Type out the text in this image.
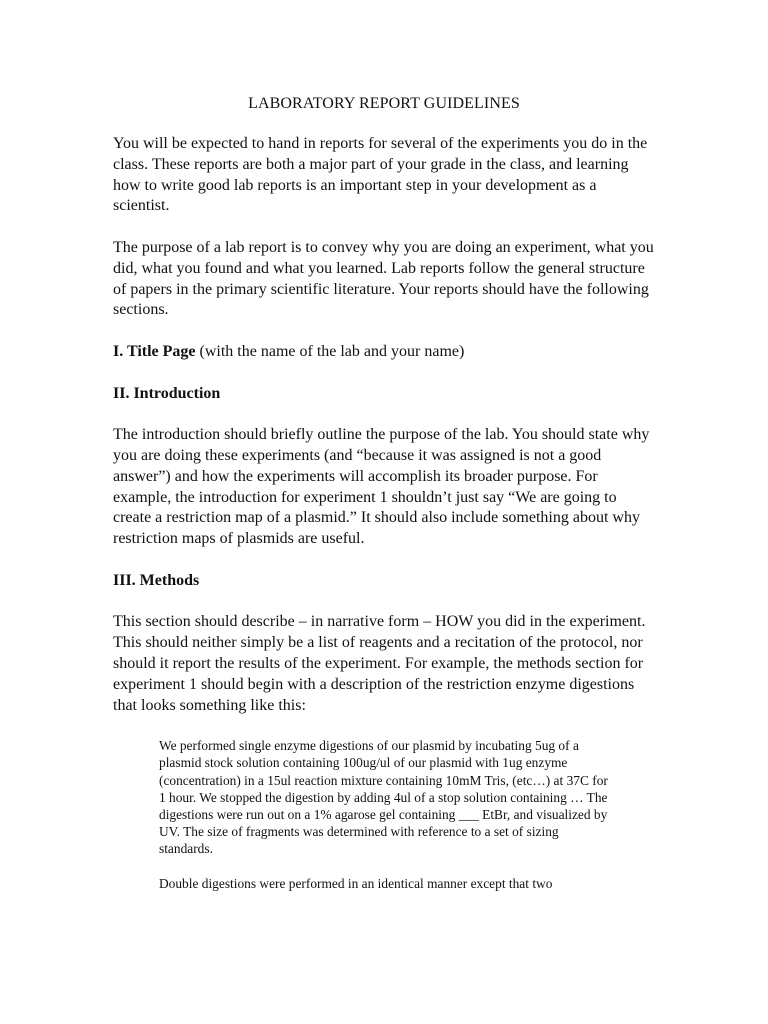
LABORATORY REPORT GUIDELINES

You will be expected to hand in reports for several of the experiments you do in the class. These reports are both a major part of your grade in the class, and learning how to write good lab reports is an important step in your development as a scientist.

The purpose of a lab report is to convey why you are doing an experiment, what you did, what you found and what you learned. Lab reports follow the general structure of papers in the primary scientific literature. Your reports should have the following sections.

I. Title Page (with the name of the lab and your name)

II. Introduction

The introduction should briefly outline the purpose of the lab. You should state why you are doing these experiments (and “because it was assigned is not a good answer”) and how the experiments will accomplish its broader purpose. For example, the introduction for experiment 1 shouldn’t just say “We are going to create a restriction map of a plasmid.” It should also include something about why restriction maps of plasmids are useful.

III. Methods

This section should describe – in narrative form – HOW you did in the experiment. This should neither simply be a list of reagents and a recitation of the protocol, nor should it report the results of the experiment. For example, the methods section for experiment 1 should begin with a description of the restriction enzyme digestions that looks something like this:

We performed single enzyme digestions of our plasmid by incubating 5ug of a plasmid stock solution containing 100ug/ul of our plasmid with 1ug enzyme (concentration) in a 15ul reaction mixture containing 10mM Tris, (etc…) at 37C for 1 hour. We stopped the digestion by adding 4ul of a stop solution containing … The digestions were run out on a 1% agarose gel containing ___ EtBr, and visualized by UV. The size of fragments was determined with reference to a set of sizing standards.

Double digestions were performed in an identical manner except that two
